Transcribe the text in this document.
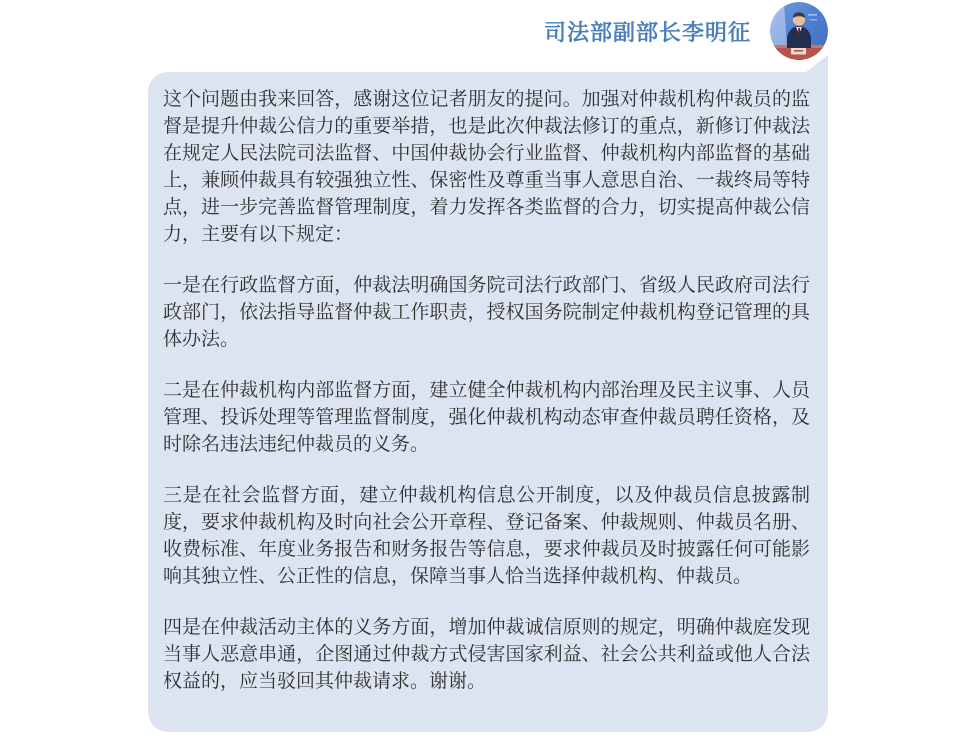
司法部副部长李明征

这个问题由我来回答，感谢这位记者朋友的提问。加强对仲裁机构仲裁员的监督是提升仲裁公信力的重要举措，也是此次仲裁法修订的重点，新修订仲裁法在规定人民法院司法监督、中国仲裁协会行业监督、仲裁机构内部监督的基础上，兼顾仲裁具有较强独立性、保密性及尊重当事人意思自治、一裁终局等特点，进一步完善监督管理制度，着力发挥各类监督的合力，切实提高仲裁公信力，主要有以下规定：

一是在行政监督方面，仲裁法明确国务院司法行政部门、省级人民政府司法行政部门，依法指导监督仲裁工作职责，授权国务院制定仲裁机构登记管理的具体办法。

二是在仲裁机构内部监督方面，建立健全仲裁机构内部治理及民主议事、人员管理、投诉处理等管理监督制度，强化仲裁机构动态审查仲裁员聘任资格，及时除名违法违纪仲裁员的义务。

三是在社会监督方面，建立仲裁机构信息公开制度，以及仲裁员信息披露制度，要求仲裁机构及时向社会公开章程、登记备案、仲裁规则、仲裁员名册、收费标准、年度业务报告和财务报告等信息，要求仲裁员及时披露任何可能影响其独立性、公正性的信息，保障当事人恰当选择仲裁机构、仲裁员。

四是在仲裁活动主体的义务方面，增加仲裁诚信原则的规定，明确仲裁庭发现当事人恶意串通，企图通过仲裁方式侵害国家利益、社会公共利益或他人合法权益的，应当驳回其仲裁请求。谢谢。
